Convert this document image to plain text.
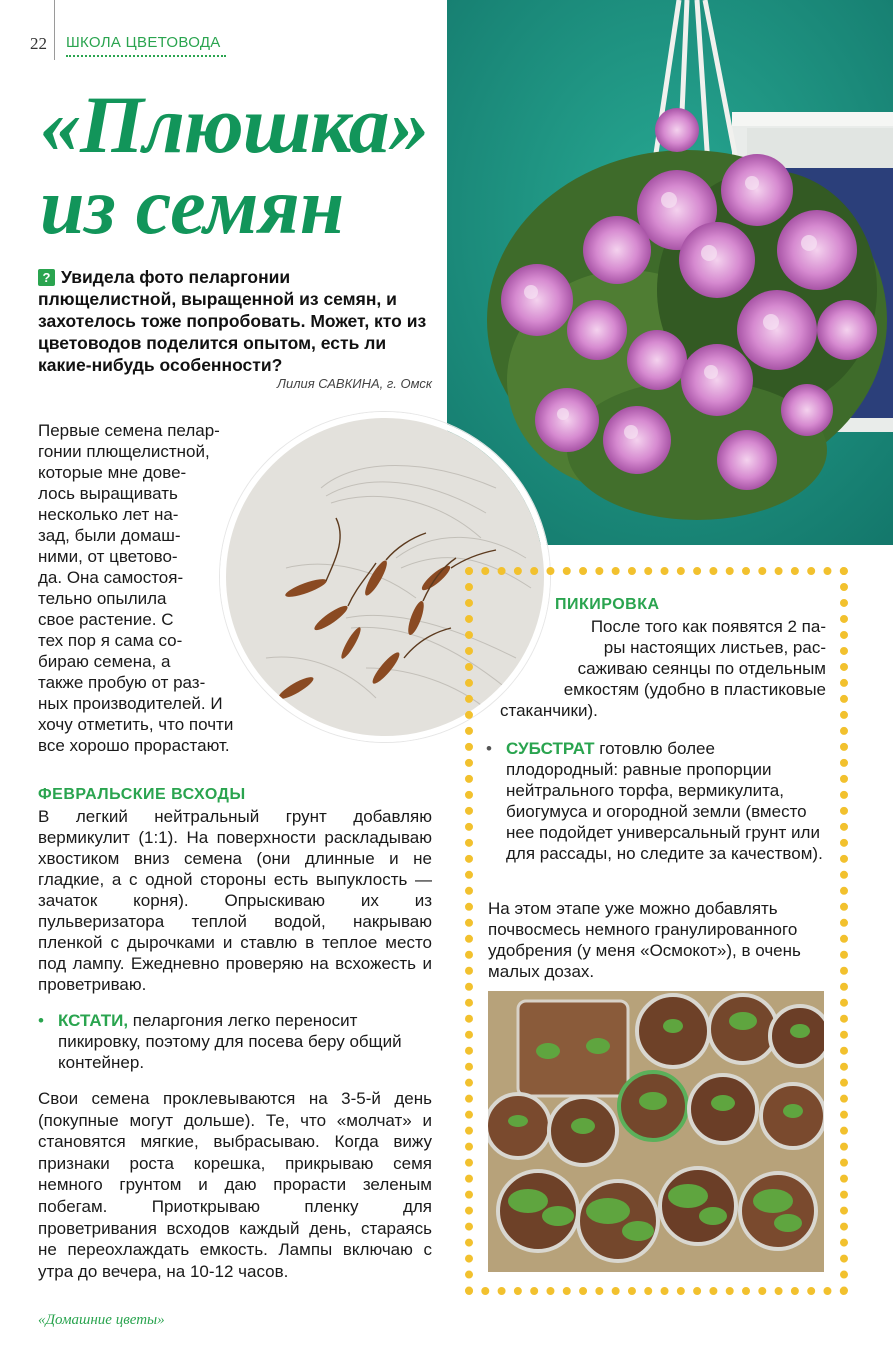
22 ШКОЛА ЦВЕТОВОДА
«Плюшка»
из семян
? Увидела фото пеларгонии плющелистной, выращенной из семян, и захотелось тоже попробовать. Может, кто из цветоводов поделится опытом, есть ли какие-нибудь особенности?
Лилия САВКИНА, г. Омск

Первые семена пелар-

гонии плющелистной,

которые мне дове-

лось выращивать

несколько лет на-

зад, были домаш-

ними, от цветово-

да. Она самостоя-

тельно опылила

свое растение. С

тех пор я сама со-

бираю семена, а

также пробую от раз-

ных производителей. И

хочу отметить, что почти

все хорошо прорастают.

ФЕВРАЛЬСКИЕ ВСХОДЫ
В легкий нейтральный грунт добавляю вермикулит (1:1). На поверхности раскладываю хвостиком вниз семена (они длинные и не гладкие, а с одной стороны есть выпуклость — зачаток корня). Опрыскиваю их из пульверизатора теплой водой, накрываю пленкой с дырочками и ставлю в теплое место под лампу. Ежедневно проверяю на всхожесть и проветриваю.
• КСТАТИ, пеларгония легко переносит пикировку, поэтому для посева беру общий контейнер.
Свои семена проклевываются на 3-5-й день (покупные могут дольше). Те, что «молчат» и становятся мягкие, выбрасываю. Когда вижу признаки роста корешка, прикрываю семя немного грунтом и даю прорасти зеленым побегам. Приоткрываю пленку для проветривания всходов каждый день, стараясь не переохлаждать емкость. Лампы включаю с утра до вечера, на 10-12 часов.
«Домашние цветы»
ПИКИРОВКА
После того как появятся 2 па-
ры настоящих листьев, рас-
саживаю сеянцы по отдельным
емкостям (удобно в пластиковые
стаканчики).
• СУБСТРАТ готовлю более плодородный: равные пропорции нейтрального торфа, вермикулита, биогумуса и огородной земли (вместо нее подойдет универсальный грунт или для рассады, но следите за качеством).
На этом этапе уже можно добавлять почвосмесь немного гранулированного удобрения (у меня «Осмокот»), в очень малых дозах.
